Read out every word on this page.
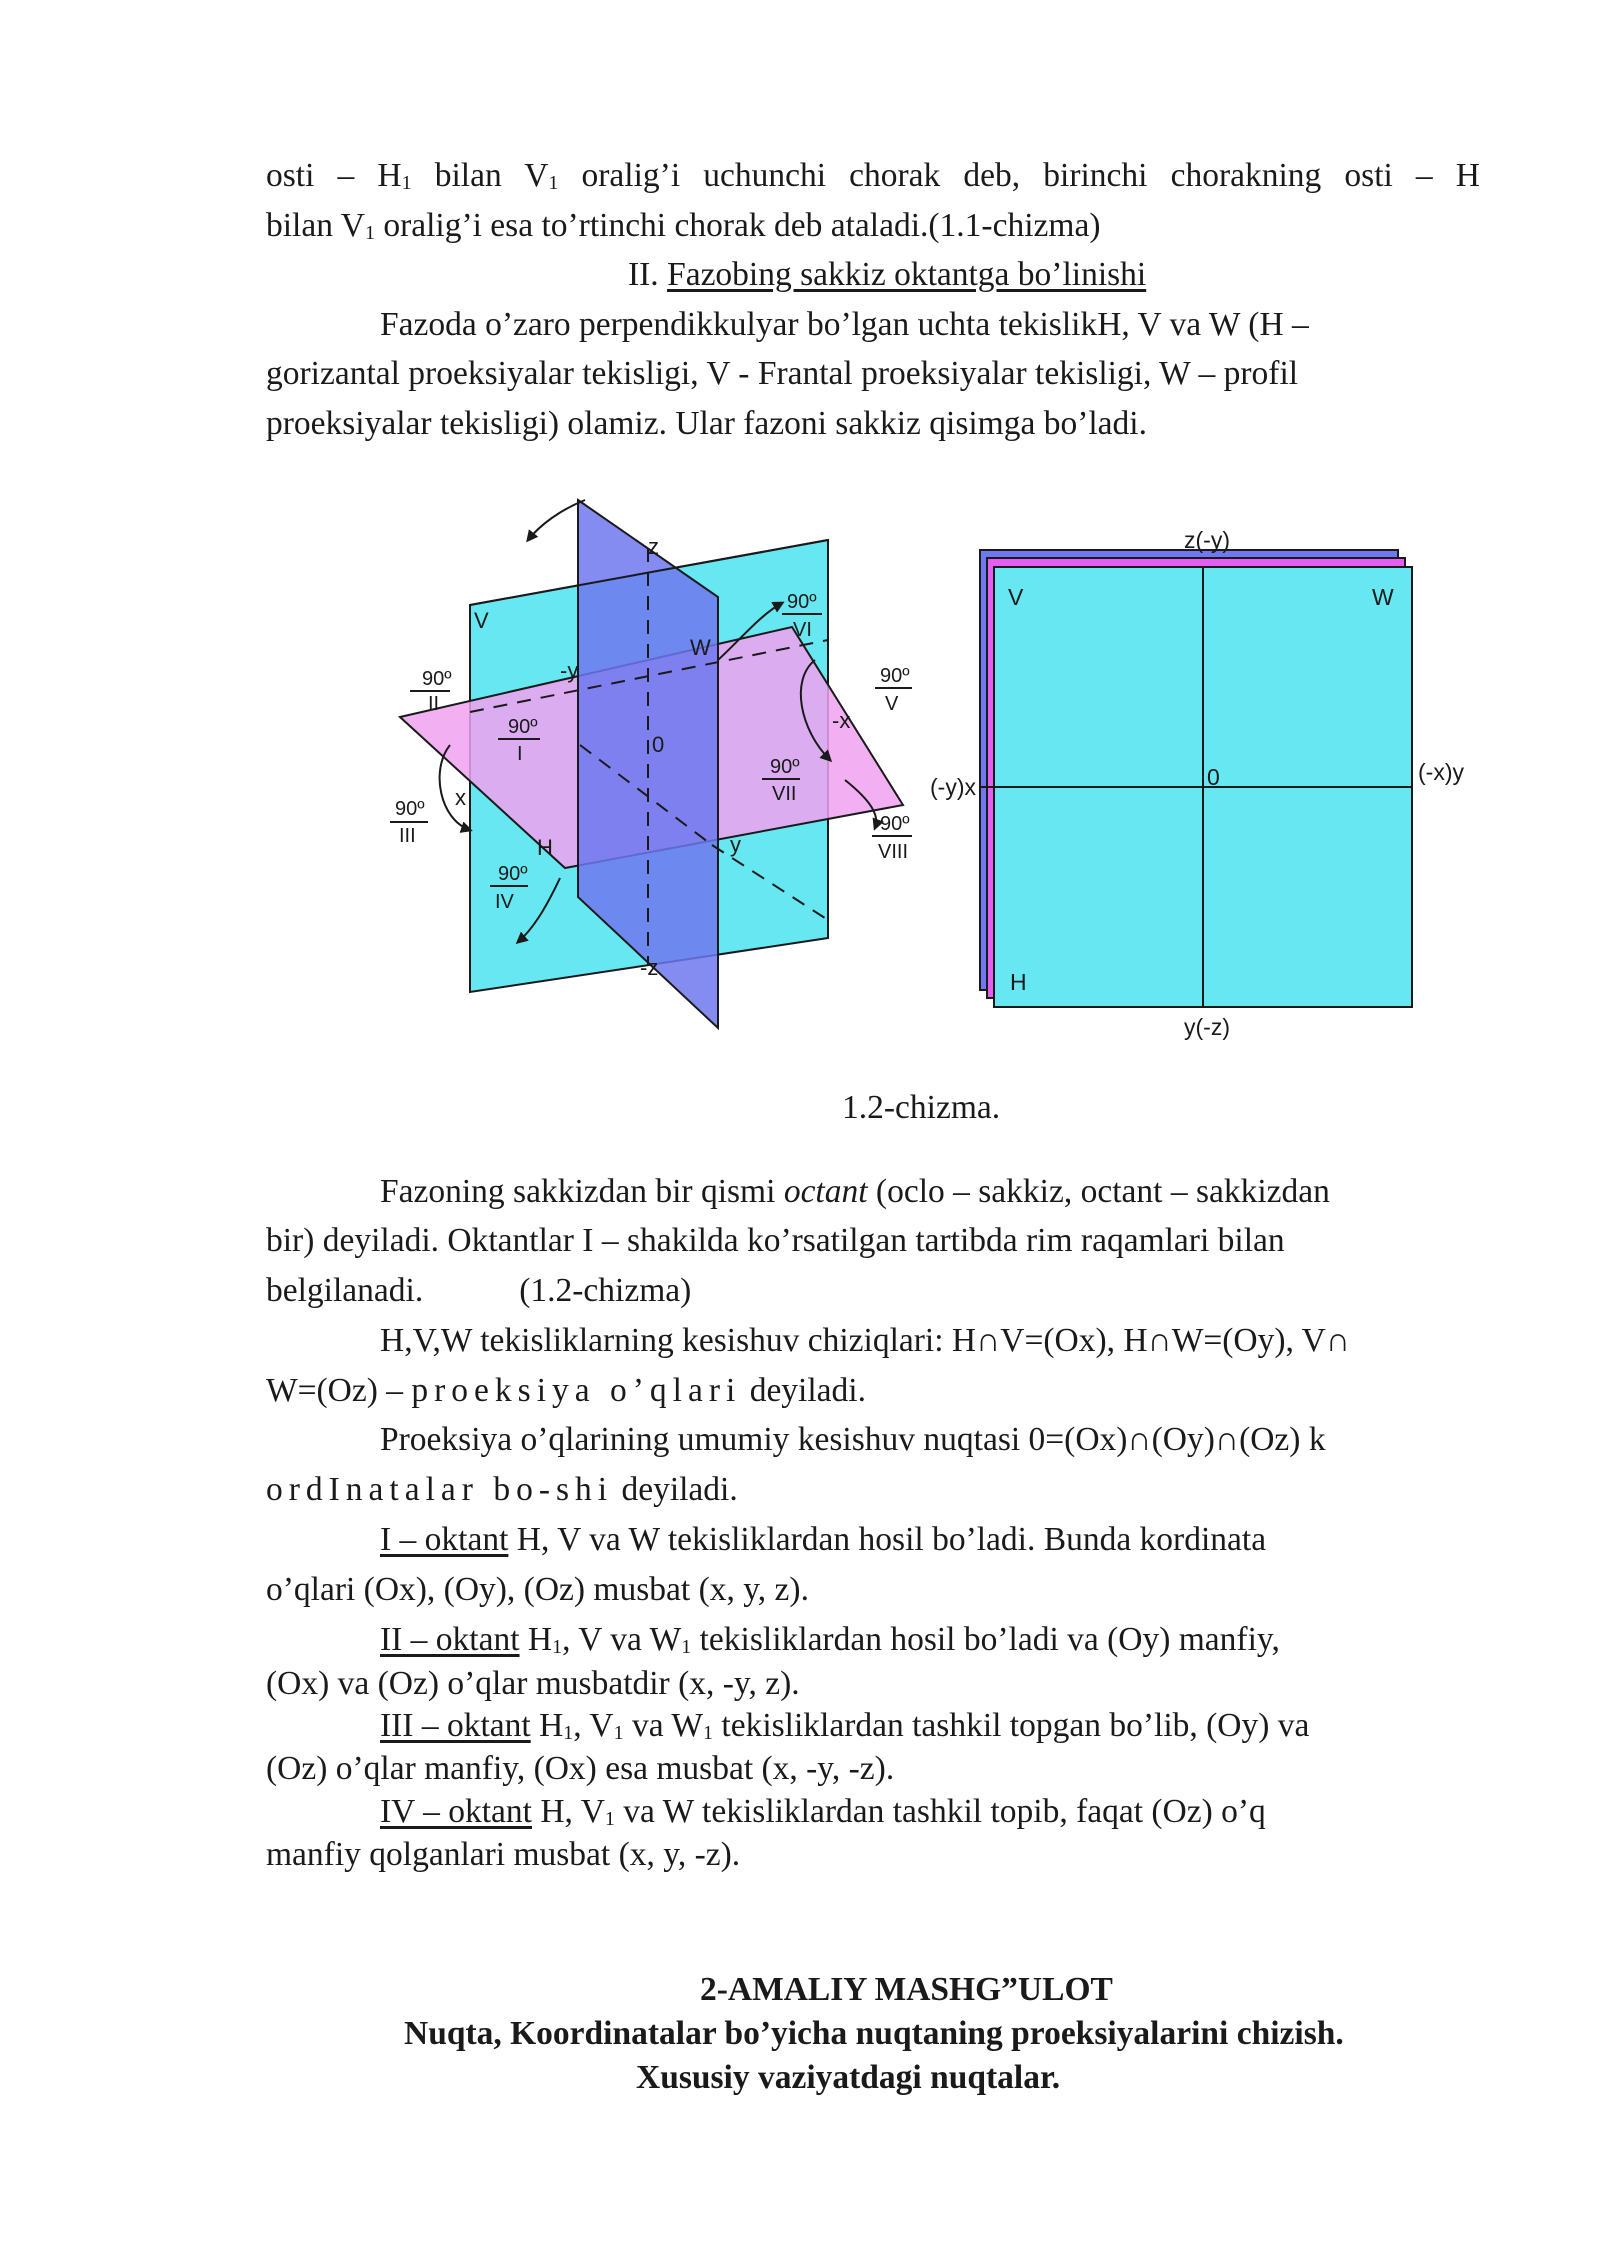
osti – $H_1$ bilan $V_1$ oralig’i uchunchi chorak deb, birinchi chorakning osti – H
bilan $V_1$ oralig’i esa to’rtinchi chorak deb ataladi.(1.1-chizma)
II. Fazobing sakkiz oktantga bo’linishi
Fazoda o’zaro perpendikkulyar bo’lgan uchta tekislikH, V va W (H –
gorizantal proeksiyalar tekisligi, V - Frantal proeksiyalar tekisligi, W – profil
proeksiyalar tekisligi) olamiz. Ular fazoni sakkiz qisimga bo’ladi.
z
-z
-y
y
x
-x
0
V
W
H
90º
II
90º
I
90º
III
90º
IV
90º
VI
90º
V
90º
VII
90º
VIII
z(-y)
y(-z)
(-y)x
(-x)y
0
V	W
H
1.2-chizma.
Fazoning sakkizdan bir qismi octant (oclo – sakkiz, octant – sakkizdan
bir) deyiladi. Oktantlar I – shakilda ko’rsatilgan tartibda rim raqamlari bilan
belgilanadi.	(1.2-chizma)
H,V,W tekisliklarning kesishuv chiziqlari: H∩V=(Ox), H∩W=(Oy), V∩
W=(Oz) – proeksiya o’qlari deyiladi.
Proeksiya o’qlarining umumiy kesishuv nuqtasi 0=(Ox)∩(Oy)∩(Oz) k
ordInatalar bo-shi deyiladi.
I – oktant H, V va W tekisliklardan hosil bo’ladi. Bunda kordinata
o’qlari (Ox), (Oy), (Oz) musbat (x, y, z).
II – oktant $H_1$, V va $W_1$ tekisliklardan hosil bo’ladi va (Oy) manfiy,
(Ox) va (Oz) o’qlar musbatdir (x, -y, z).
III – oktant $H_1$, $V_1$ va $W_1$ tekisliklardan tashkil topgan bo’lib, (Oy) va
(Oz) o’qlar manfiy, (Ox) esa musbat (x, -y, -z).
IV – oktant H, $V_1$ va W tekisliklardan tashkil topib, faqat (Oz) o’q
manfiy qolganlari musbat (x, y, -z).
2-AMALIY MASHG”ULOT
Nuqta, Koordinatalar bo’yicha nuqtaning proeksiyalarini chizish.
Xususiy vaziyatdagi nuqtalar.
